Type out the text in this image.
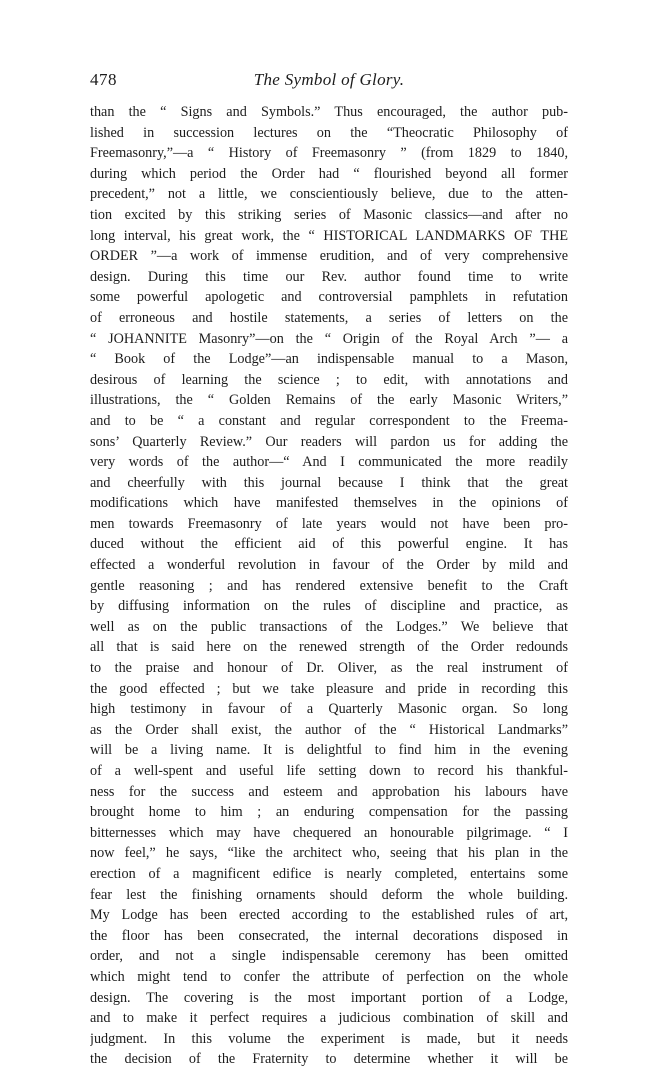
478	The Symbol of Glory.
than the “ Signs and Symbols.” Thus encouraged, the author pub-
lished in succession lectures on the “Theocratic Philosophy of
Freemasonry,”—a “ History of Freemasonry ” (from 1829 to 1840,
during which period the Order had “ flourished beyond all former
precedent,” not a little, we conscientiously believe, due to the atten-
tion excited by this striking series of Masonic classics—and after no
long interval, his great work, the “ HISTORICAL LANDMARKS OF THE
ORDER ”—a work of immense erudition, and of very comprehensive
design. During this time our Rev. author found time to write
some powerful apologetic and controversial pamphlets in refutation
of erroneous and hostile statements, a series of letters on the
“ JOHANNITE Masonry”—on the “ Origin of the Royal Arch ”— a
“ Book of the Lodge”—an indispensable manual to a Mason,
desirous of learning the science ; to edit, with annotations and
illustrations, the “ Golden Remains of the early Masonic Writers,”
and to be “ a constant and regular correspondent to the Freema-
sons’ Quarterly Review.” Our readers will pardon us for adding the
very words of the author—“ And I communicated the more readily
and cheerfully with this journal because I think that the great
modifications which have manifested themselves in the opinions of
men towards Freemasonry of late years would not have been pro-
duced without the efficient aid of this powerful engine. It has
effected a wonderful revolution in favour of the Order by mild and
gentle reasoning ; and has rendered extensive benefit to the Craft
by diffusing information on the rules of discipline and practice, as
well as on the public transactions of the Lodges.” We believe that
all that is said here on the renewed strength of the Order redounds
to the praise and honour of Dr. Oliver, as the real instrument of
the good effected ; but we take pleasure and pride in recording this
high testimony in favour of a Quarterly Masonic organ. So long
as the Order shall exist, the author of the “ Historical Landmarks”
will be a living name. It is delightful to find him in the evening
of a well-spent and useful life setting down to record his thankful-
ness for the success and esteem and approbation his labours have
brought home to him ; an enduring compensation for the passing
bitternesses which may have chequered an honourable pilgrimage. “ I
now feel,” he says, “like the architect who, seeing that his plan in the
erection of a magnificent edifice is nearly completed, entertains some
fear lest the finishing ornaments should deform the whole building.
My Lodge has been erected according to the established rules of art,
the floor has been consecrated, the internal decorations disposed in
order, and not a single indispensable ceremony has been omitted
which might tend to confer the attribute of perfection on the whole
design. The covering is the most important portion of a Lodge,
and to make it perfect requires a judicious combination of skill and
judgment. In this volume the experiment is made, but it needs
the decision of the Fraternity to determine whether it will be
